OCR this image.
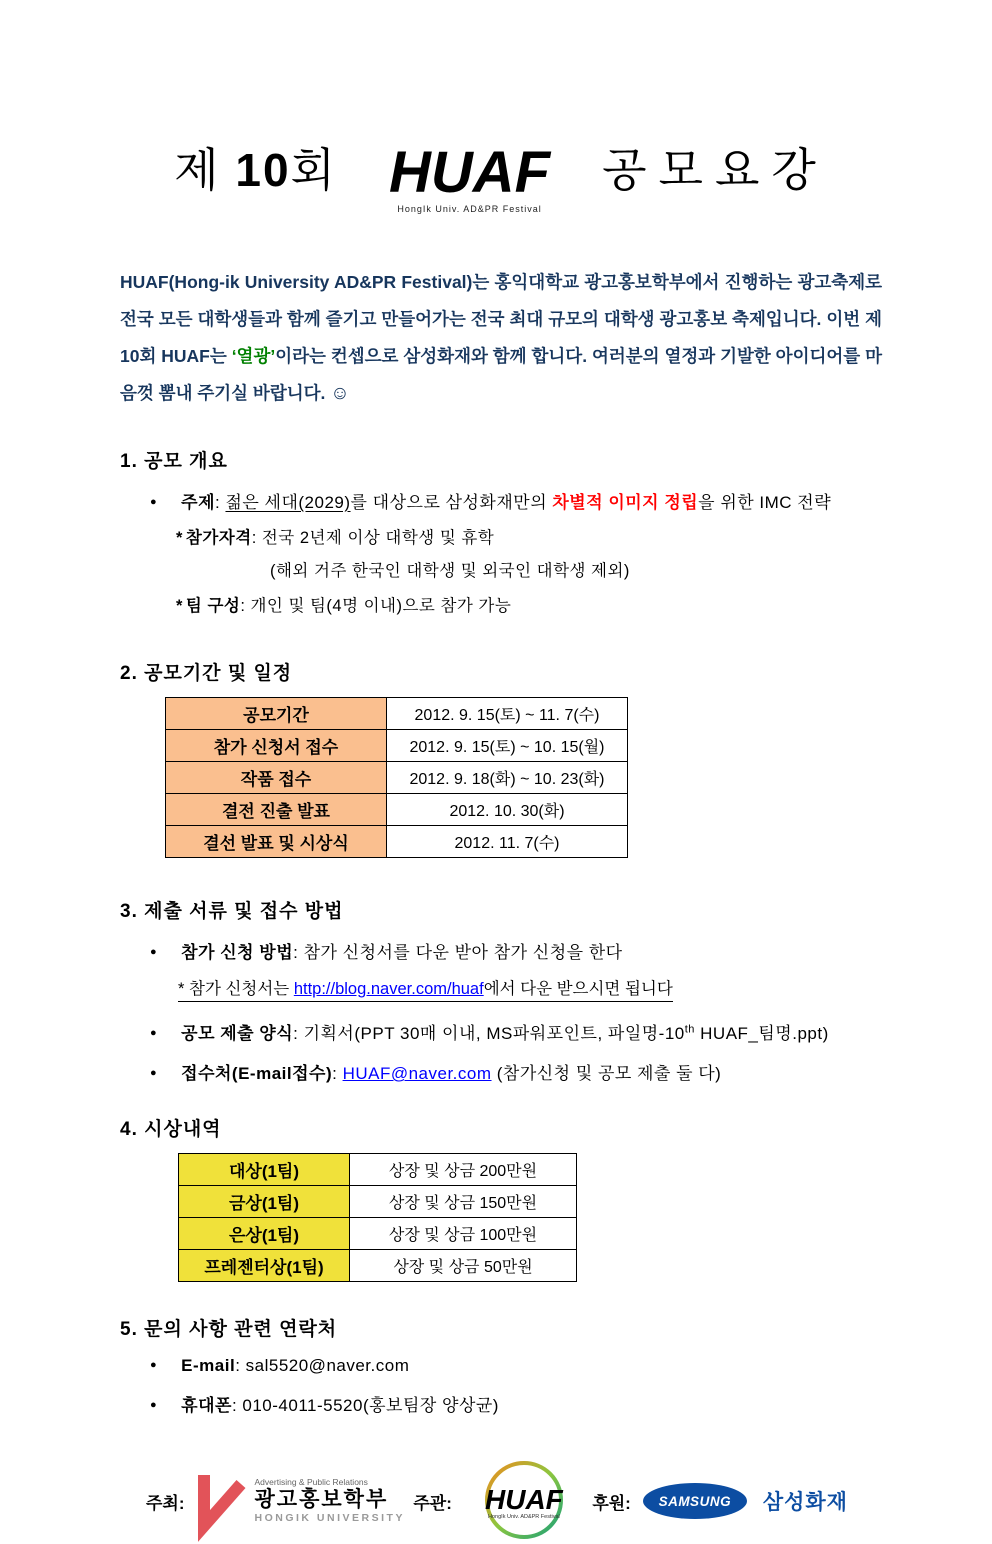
제 10회 HUAF
HongIk Univ. AD&PR Festival
공모요강

HUAF(Hong-ik University AD&PR Festival)는 홍익대학교 광고홍보학부에서 진행하는 광고축제로 전국 모든 대학생들과 함께 즐기고 만들어가는 전국 최대 규모의 대학생 광고홍보 축제입니다. 이번 제 10회 HUAF는 ‘열광’이라는 컨셉으로 삼성화재와 함께 합니다. 여러분의 열정과 기발한 아이디어를 마음껏 뽐내 주기실 바랍니다. ☺

1. 공모 개요
● 주제: 젊은 세대(2029)를 대상으로 삼성화재만의 차별적 이미지 정립을 위한 IMC 전략
* 참가자격: 전국 2년제 이상 대학생 및 휴학
(해외 거주 한국인 대학생 및 외국인 대학생 제외)
* 팀 구성: 개인 및 팀(4명 이내)으로 참가 가능
2. 공모기간 및 일정
공모기간	2012. 9. 15(토) ~ 11. 7(수)
참가 신청서 접수	2012. 9. 15(토) ~ 10. 15(월)
작품 접수	2012. 9. 18(화) ~ 10. 23(화)
결전 진출 발표	2012. 10. 30(화)
결선 발표 및 시상식	2012. 11. 7(수)
3. 제출 서류 및 접수 방법
● 참가 신청 방법: 참가 신청서를 다운 받아 참가 신청을 한다
* 참가 신청서는 http://blog.naver.com/huaf에서 다운 받으시면 됩니다
● 공모 제출 양식: 기획서(PPT 30매 이내, MS파워포인트, 파일명-10th HUAF_팀명.ppt)
● 접수처(E-mail접수): HUAF@naver.com (참가신청 및 공모 제출 둘 다)
4. 시상내역
대상(1팀)	상장 및 상금 200만원
금상(1팀)	상장 및 상금 150만원
은상(1팀)	상장 및 상금 100만원
프레젠터상(1팀)	상장 및 상금 50만원
5. 문의 사항 관련 연락처
● E-mail: sal5520@naver.com
● 휴대폰: 010-4011-5520(홍보팀장 양상균)
주최:
Advertising & Public Relations
광고홍보학부
HONGIK UNIVERSITY
주관:	HUAF
HongIk Univ. AD&PR Festival
후원: SAMSUNG 삼성화재
